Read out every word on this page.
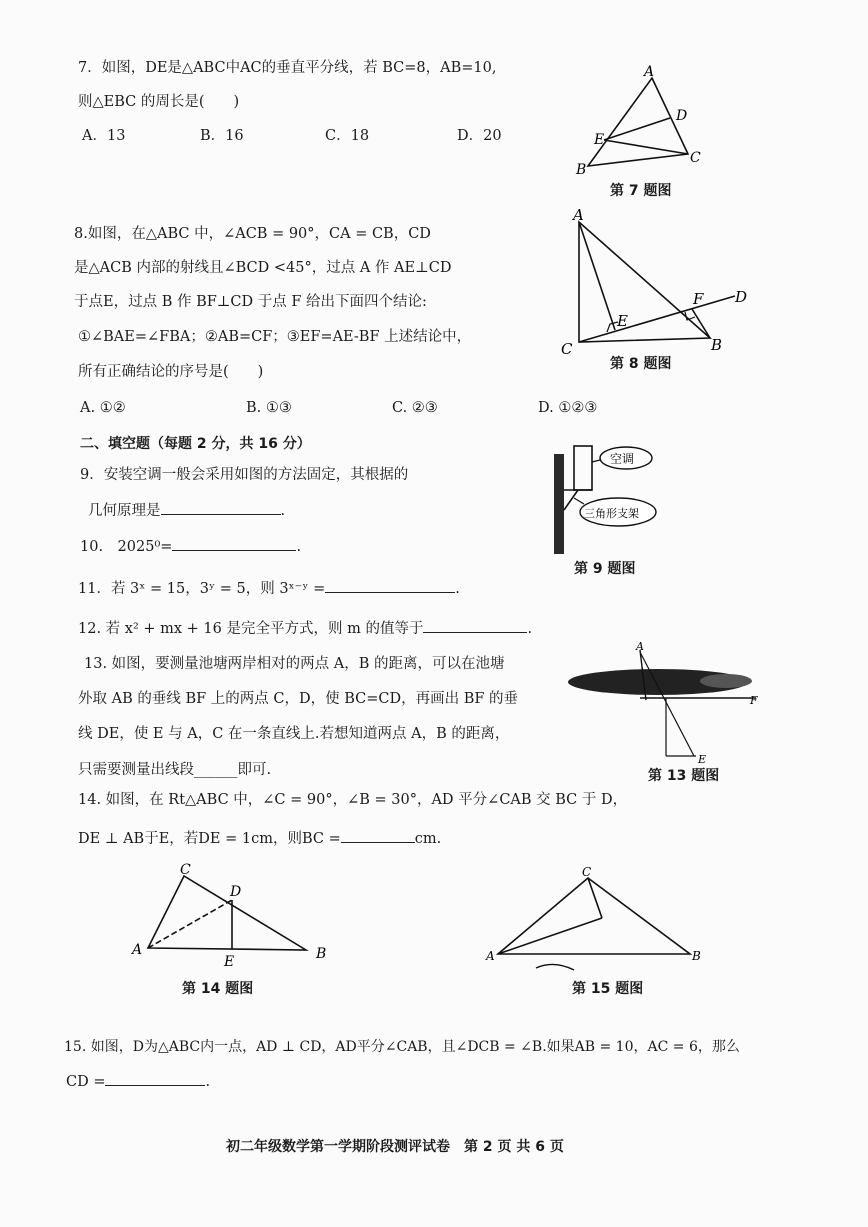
7．如图，DE是△ABC中AC的垂直平分线，若 BC=8，AB=10,
则△EBC 的周长是(　　)
A．13	B．16	C．18	D．20
A
D
E
C
B
第 7 题图
8.如图，在△ABC 中，∠ACB = 90°，CA = CB，CD
是△ACB 内部的射线且∠BCD <45°，过点 A 作 AE⊥CD
于点E，过点 B 作 BF⊥CD 于点 F 给出下面四个结论:
①∠BAE=∠FBA；②AB=CF；③EF=AE-BF 上述结论中，
所有正确结论的序号是(　　)
A. ①②	B. ①③	C. ②③	D. ①②③
A
E
F D
C	B
第 8 题图
二、填空题（每题 2 分，共 16 分）
9．安装空调一般会采用如图的方法固定，其根据的
几何原理是	.
空调
三角形支架
第 9 题图
10.　2025⁰=	.
11．若 3ˣ = 15，3ʸ = 5，则 3ˣ⁻ʸ =	.
12. 若 x² + mx + 16 是完全平方式，则 m 的值等于	.
13. 如图，要测量池塘两岸相对的两点 A，B 的距离，可以在池塘
外取 AB 的垂线 BF 上的两点 C，D，使 BC=CD，再画出 BF 的垂
线 DE，使 E 与 A，C 在一条直线上.若想知道两点 A，B 的距离，
只需要测量出线段______即可.
A
F
E
第 13 题图
14. 如图，在 Rt△ABC 中，∠C = 90°，∠B = 30°，AD 平分∠CAB 交 BC 于 D，
DE ⊥ AB于E，若DE = 1cm，则BC =	cm.
C
D
A
E	B
第 14 题图
C
A	B
第 15 题图
15. 如图，D为△ABC内一点，AD ⊥ CD，AD平分∠CAB，且∠DCB = ∠B.如果AB = 10，AC = 6，那么
CD =	.
初二年级数学第一学期阶段测评试卷　第 2 页 共 6 页
